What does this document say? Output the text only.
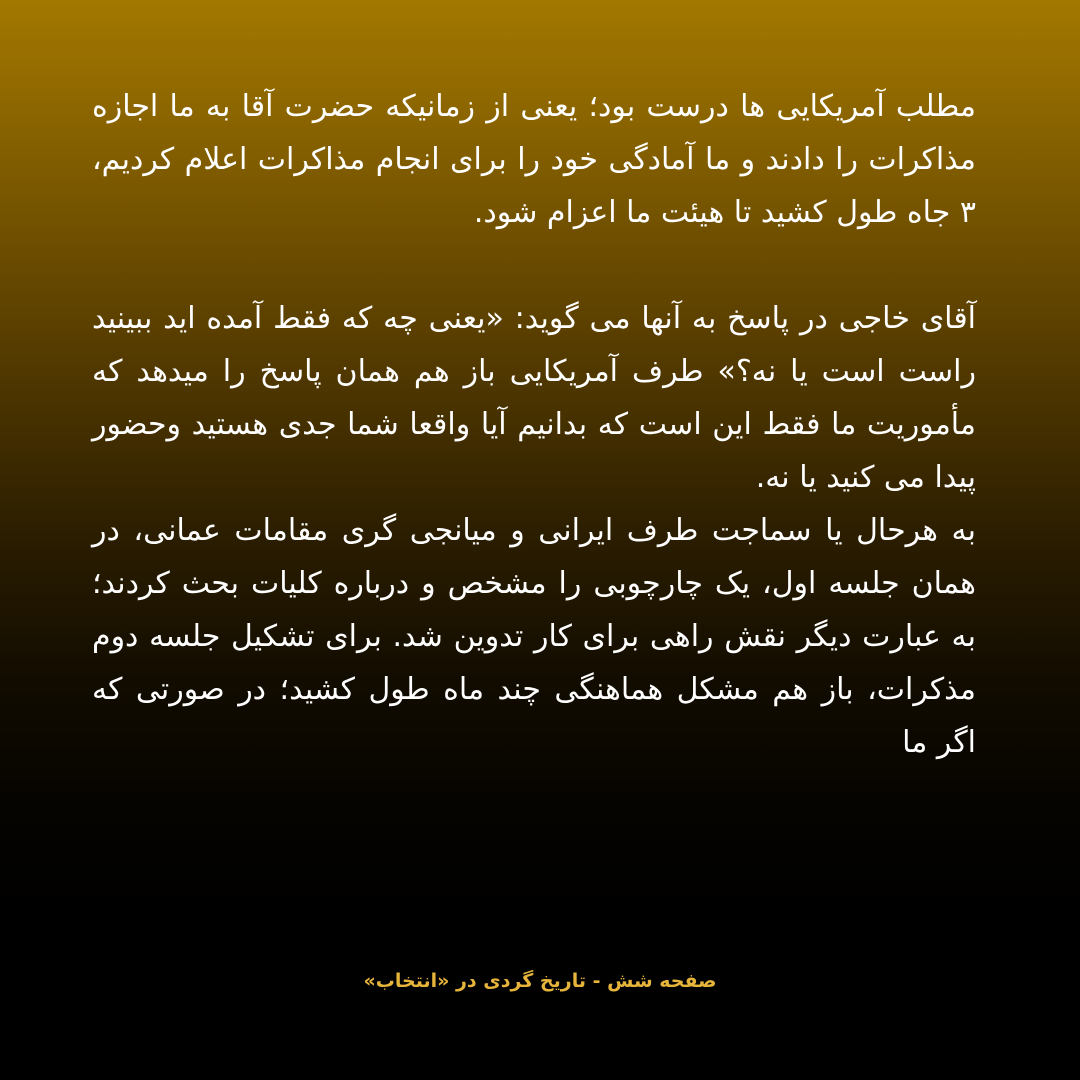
مطلب آمریکایی ها درست بود؛ یعنی از زمانیکه حضرت آقا به ما اجازه مذاکرات را دادند و ما آمادگی خود را برای انجام مذاکرات اعلام کردیم، ۳ جاه طول کشید تا هیئت ما اعزام شود.

آقای خاجی در پاسخ به آنها می گوید: «یعنی چه که فقط آمده اید ببینید راست است یا نه؟» طرف آمریکایی باز هم همان پاسخ را میدهد که مأموریت ما فقط این است که بدانیم آیا واقعا شما جدی هستید وحضور پیدا می کنید یا نه.

به هرحال یا سماجت طرف ایرانی و میانجی گری مقامات عمانی، در همان جلسه اول، یک چارچوبی را مشخص و درباره کلیات بحث کردند؛ به عبارت دیگر نقش راهی برای کار تدوین شد. برای تشکیل جلسه دوم مذکرات، باز هم مشکل هماهنگی چند ماه طول کشید؛ در صورتی که اگر ما

صفحه شش - تاریخ گردی در «انتخاب»
